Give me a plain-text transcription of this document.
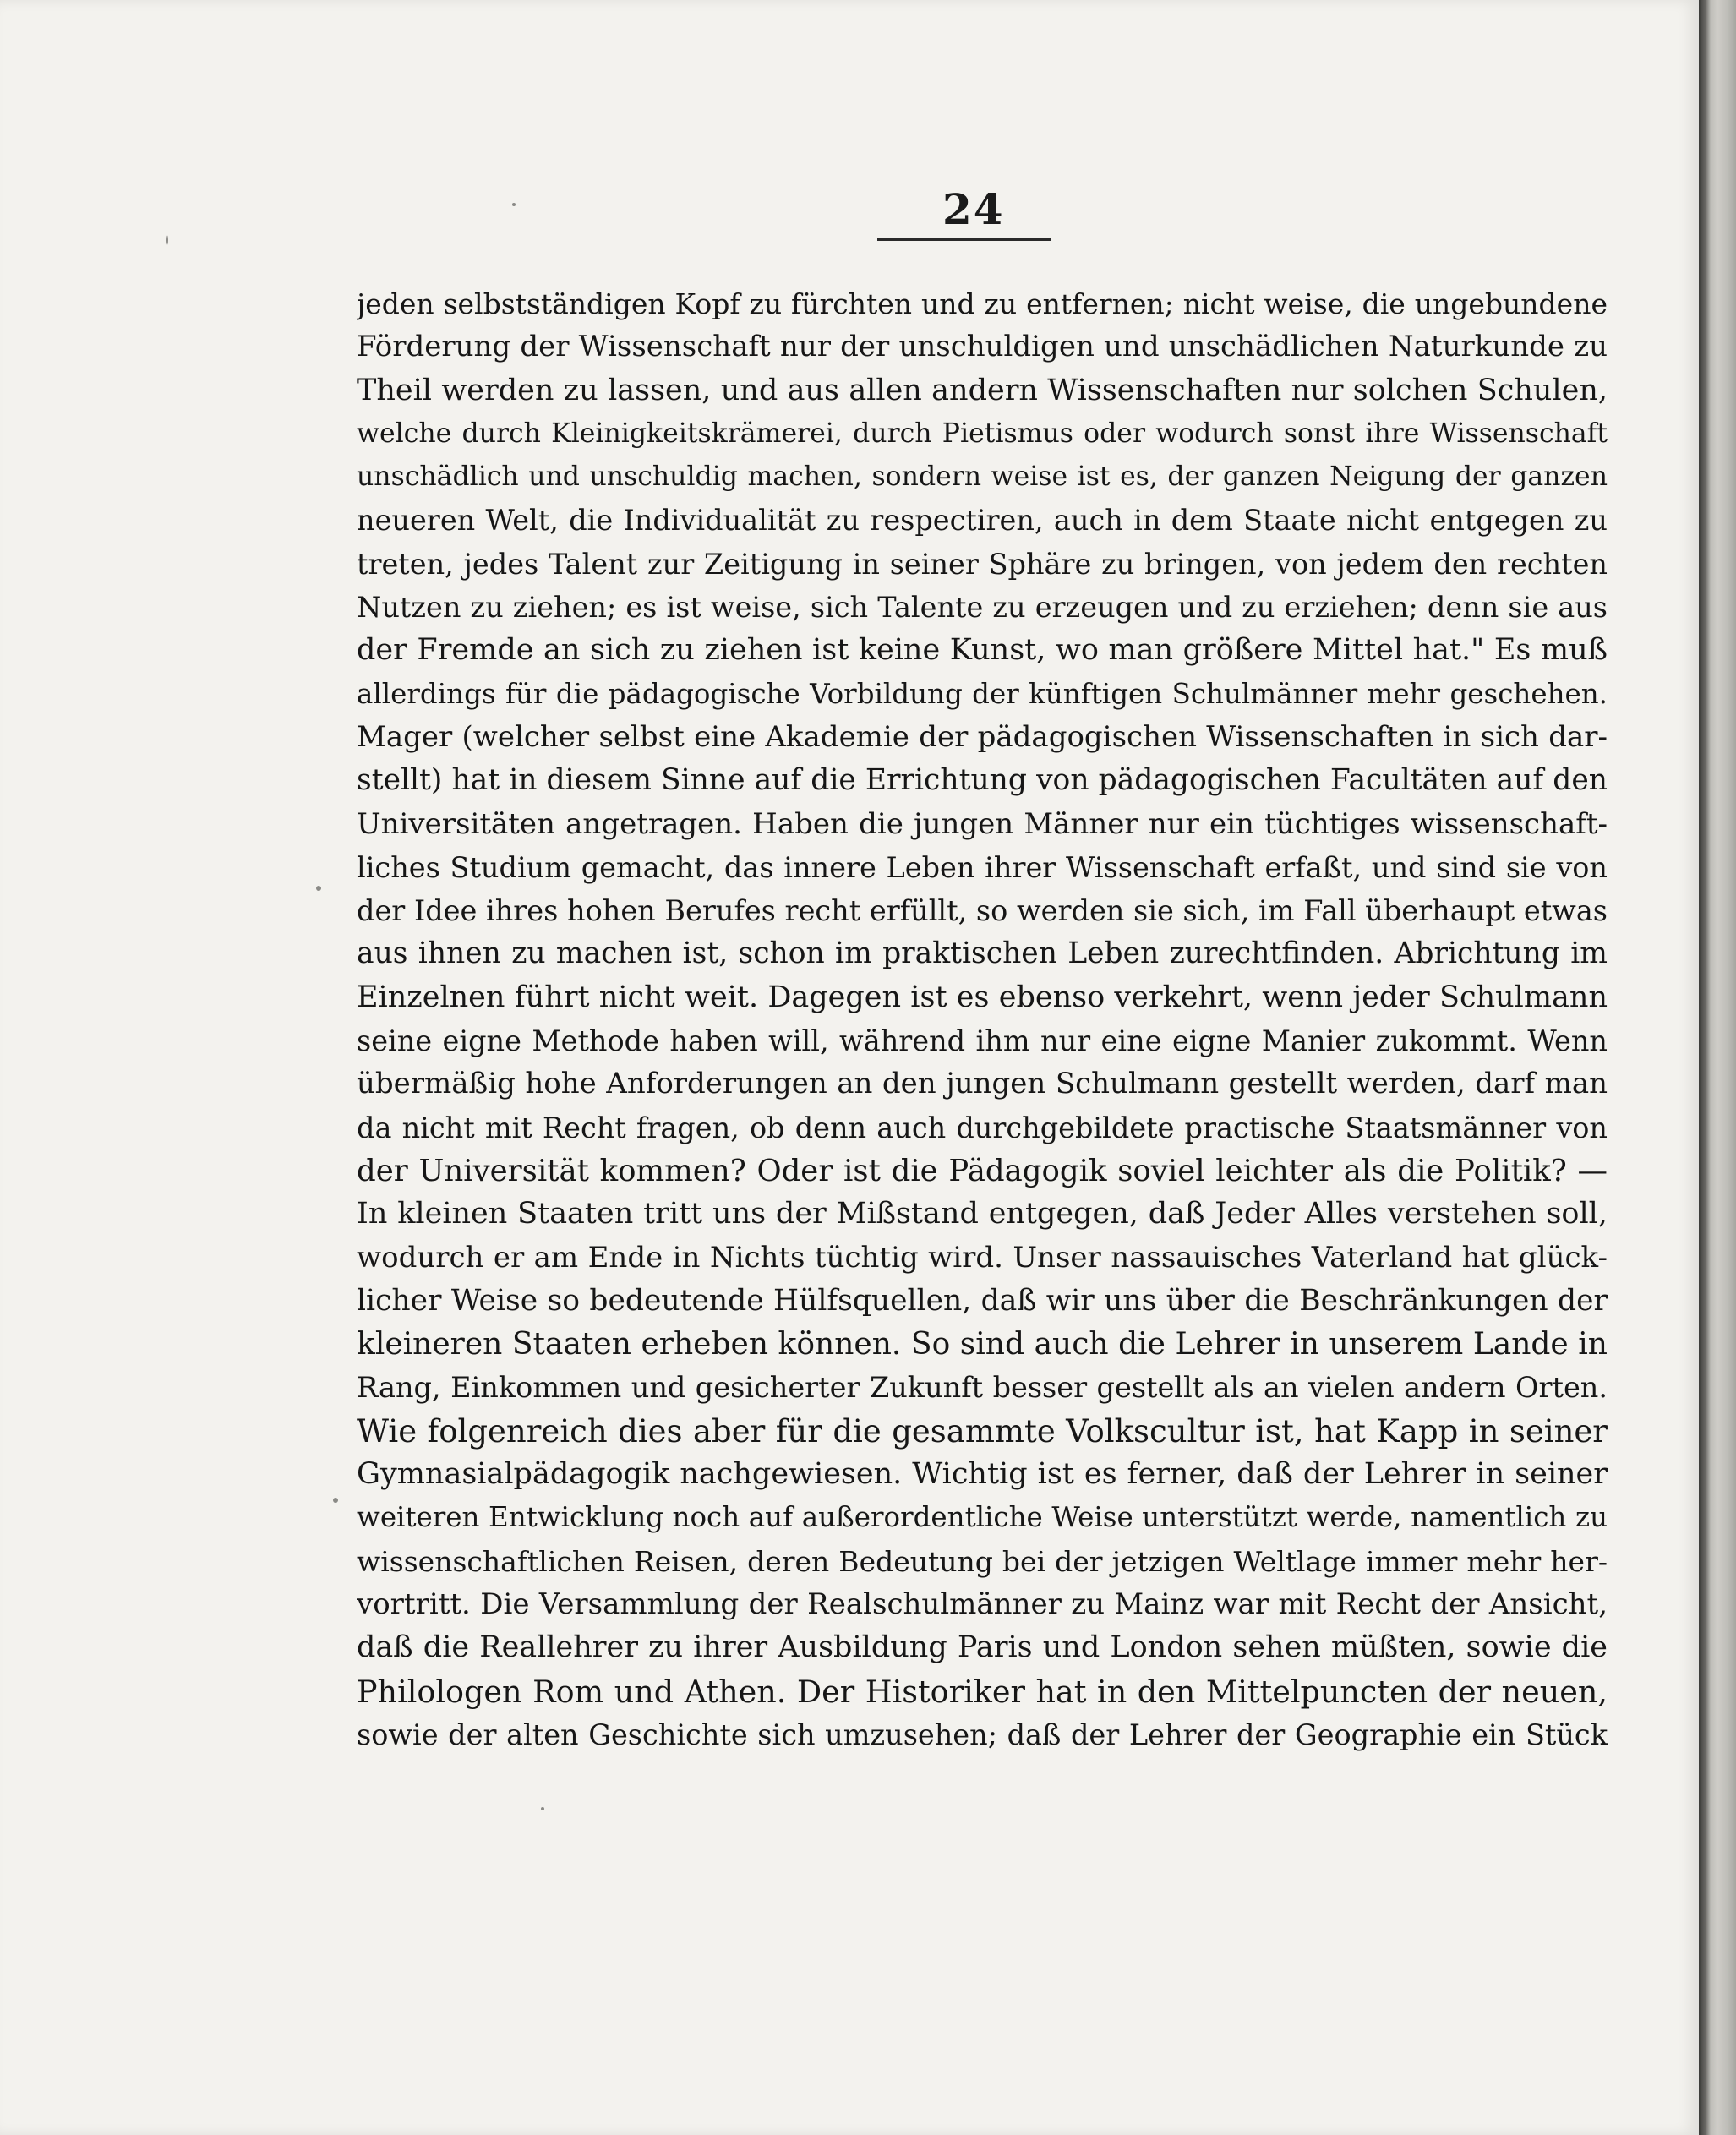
24
jeden selbstständigen Kopf zu fürchten und zu entfernen; nicht weise, die ungebundene
Förderung der Wissenschaft nur der unschuldigen und unschädlichen Naturkunde zu
Theil werden zu lassen, und aus allen andern Wissenschaften nur solchen Schulen,
welche durch Kleinigkeitskrämerei, durch Pietismus oder wodurch sonst ihre Wissenschaft
unschädlich und unschuldig machen, sondern weise ist es, der ganzen Neigung der ganzen
neueren Welt, die Individualität zu respectiren, auch in dem Staate nicht entgegen zu
treten, jedes Talent zur Zeitigung in seiner Sphäre zu bringen, von jedem den rechten
Nutzen zu ziehen; es ist weise, sich Talente zu erzeugen und zu erziehen; denn sie aus
der Fremde an sich zu ziehen ist keine Kunst, wo man größere Mittel hat." Es muß
allerdings für die pädagogische Vorbildung der künftigen Schulmänner mehr geschehen.
Mager (welcher selbst eine Akademie der pädagogischen Wissenschaften in sich dar-
stellt) hat in diesem Sinne auf die Errichtung von pädagogischen Facultäten auf den
Universitäten angetragen. Haben die jungen Männer nur ein tüchtiges wissenschaft-
liches Studium gemacht, das innere Leben ihrer Wissenschaft erfaßt, und sind sie von
der Idee ihres hohen Berufes recht erfüllt, so werden sie sich, im Fall überhaupt etwas
aus ihnen zu machen ist, schon im praktischen Leben zurechtfinden. Abrichtung im
Einzelnen führt nicht weit. Dagegen ist es ebenso verkehrt, wenn jeder Schulmann
seine eigne Methode haben will, während ihm nur eine eigne Manier zukommt. Wenn
übermäßig hohe Anforderungen an den jungen Schulmann gestellt werden, darf man
da nicht mit Recht fragen, ob denn auch durchgebildete practische Staatsmänner von
der Universität kommen? Oder ist die Pädagogik soviel leichter als die Politik? —
In kleinen Staaten tritt uns der Mißstand entgegen, daß Jeder Alles verstehen soll,
wodurch er am Ende in Nichts tüchtig wird. Unser nassauisches Vaterland hat glück-
licher Weise so bedeutende Hülfsquellen, daß wir uns über die Beschränkungen der
kleineren Staaten erheben können. So sind auch die Lehrer in unserem Lande in
Rang, Einkommen und gesicherter Zukunft besser gestellt als an vielen andern Orten.
Wie folgenreich dies aber für die gesammte Volkscultur ist, hat Kapp in seiner
Gymnasialpädagogik nachgewiesen. Wichtig ist es ferner, daß der Lehrer in seiner
weiteren Entwicklung noch auf außerordentliche Weise unterstützt werde, namentlich zu
wissenschaftlichen Reisen, deren Bedeutung bei der jetzigen Weltlage immer mehr her-
vortritt. Die Versammlung der Realschulmänner zu Mainz war mit Recht der Ansicht,
daß die Reallehrer zu ihrer Ausbildung Paris und London sehen müßten, sowie die
Philologen Rom und Athen. Der Historiker hat in den Mittelpuncten der neuen,
sowie der alten Geschichte sich umzusehen; daß der Lehrer der Geographie ein Stück
